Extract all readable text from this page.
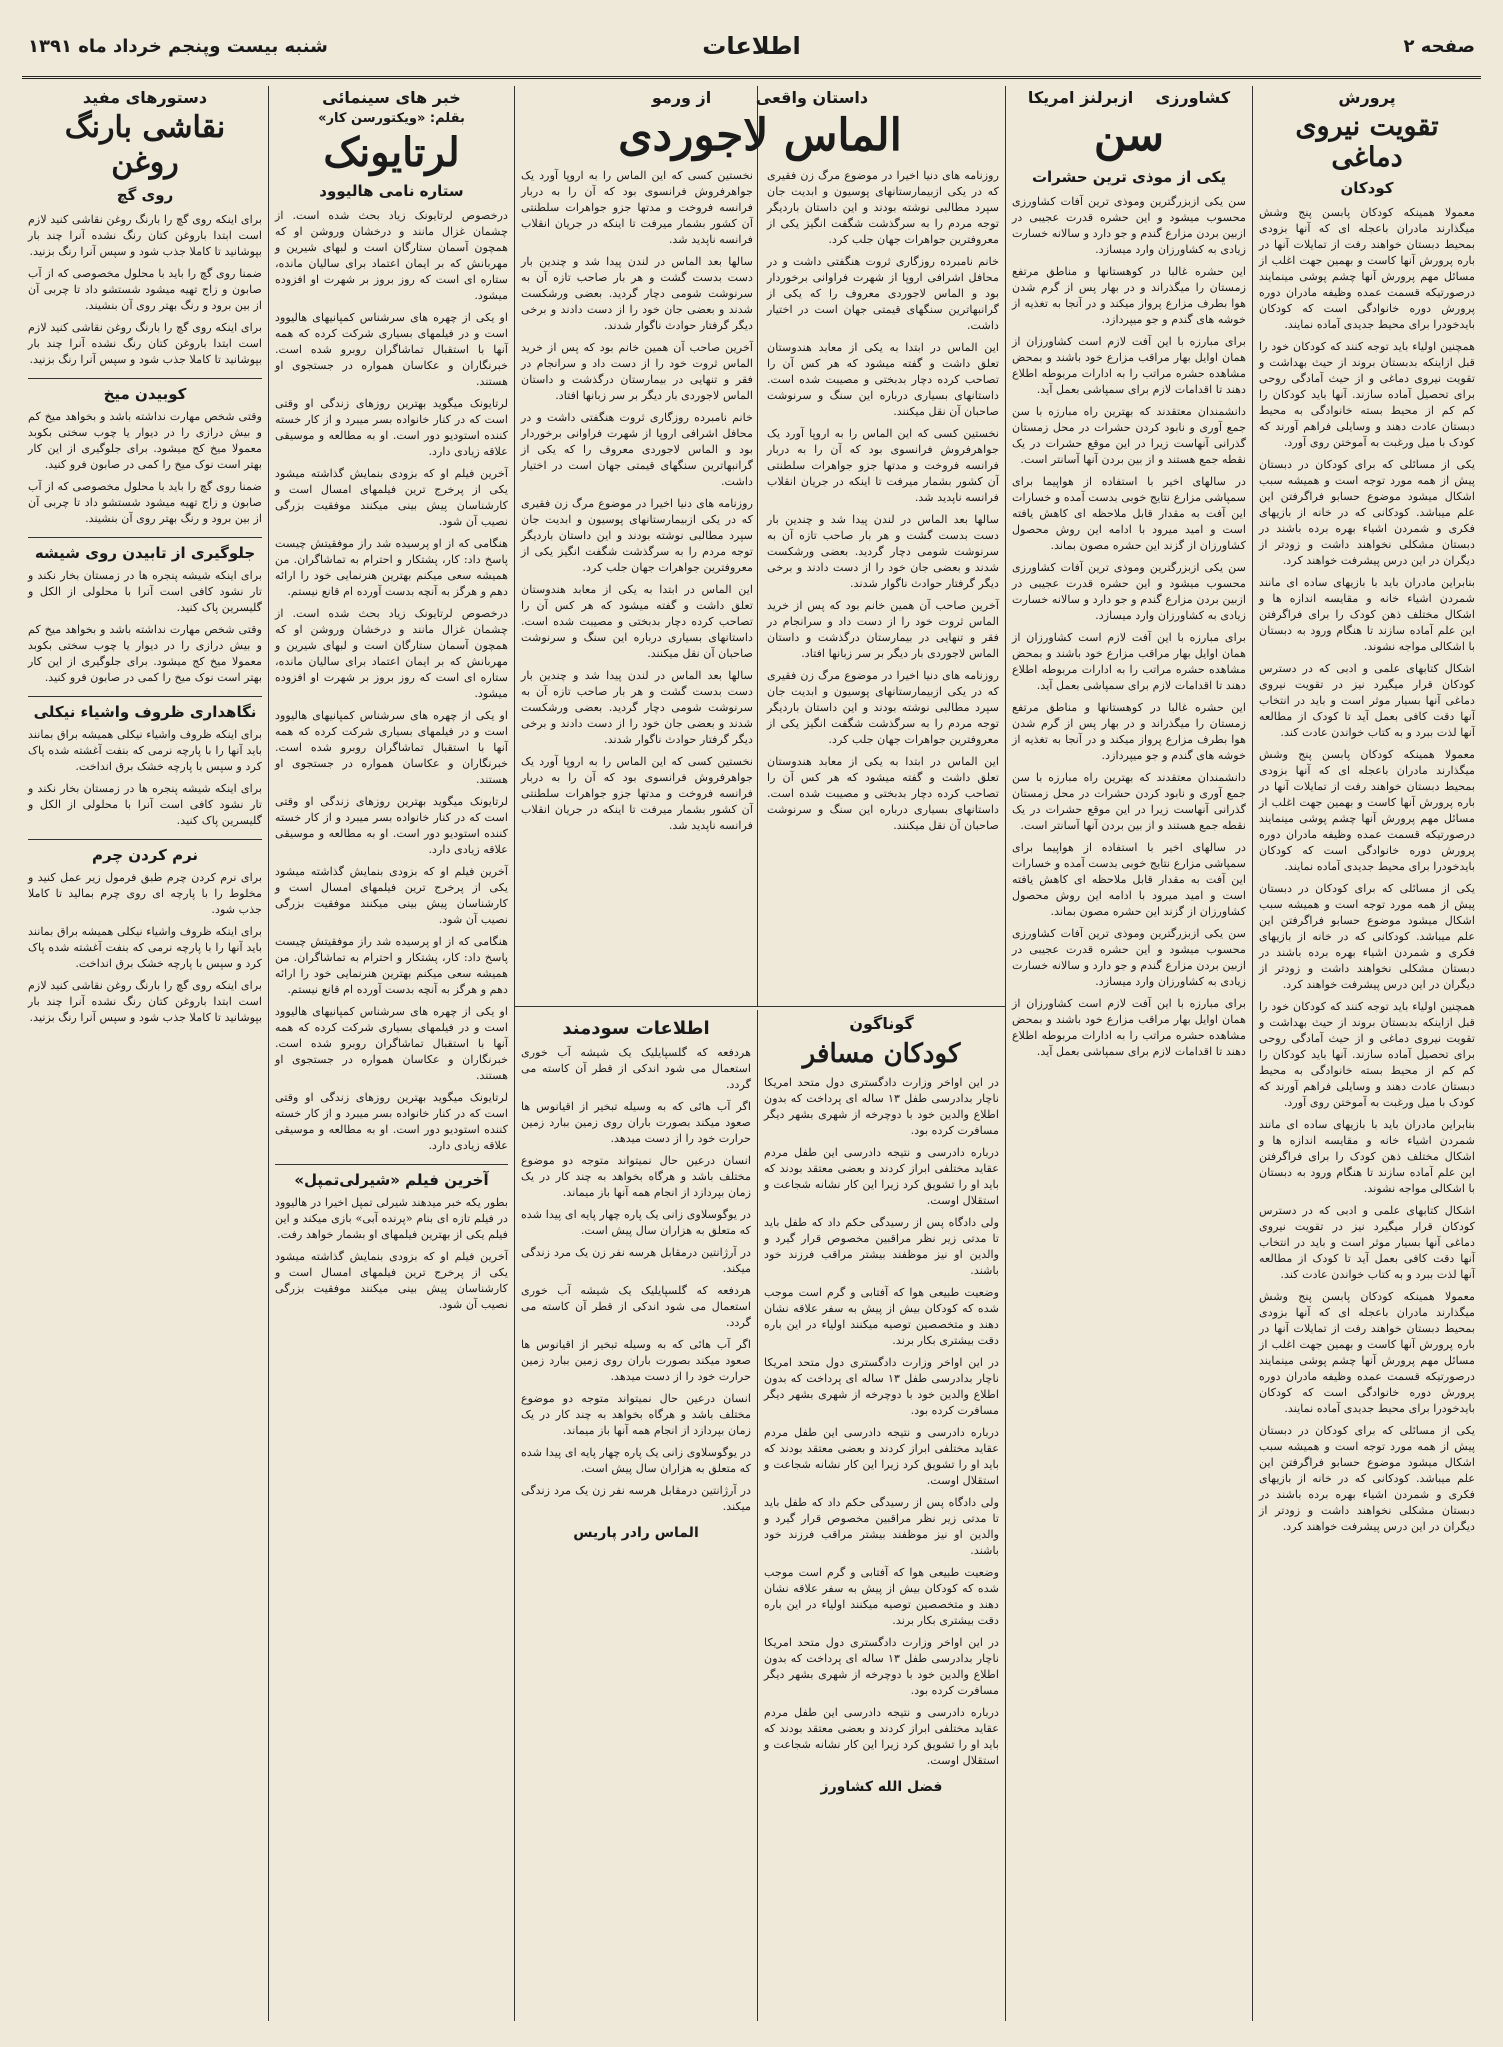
صفحه ۲
اطلاعات
شنبه بیست وپنجم خرداد ماه ۱۳۹۱
پرورش
تقویت نیروی دماغی
کودکان

معمولا همینکه کودکان پابسن پنج وشش میگذارند مادران باعجله ای که آنها بزودی بمحیط دبستان خواهند رفت از تمایلات آنها در باره پرورش آنها کاست و بهمین جهت اغلب از مسائل مهم پرورش آنها چشم پوشی مینمایند درصورتیکه قسمت عمده وظیفه مادران دوره پرورش دوره خانوادگی است که کودکان بایدخودرا برای محیط جدیدی آماده نمایند.

همچنین اولیاء باید توجه کنند که کودکان خود را قبل ازاینکه بدبستان بروند از حیث بهداشت و تقویت نیروی دماغی و از حیث آمادگی روحی برای تحصیل آماده سازند. آنها باید کودکان را کم کم از محیط بسته خانوادگی به محیط دبستان عادت دهند و وسایلی فراهم آورند که کودک با میل ورغبت به آموختن روی آورد.

یکی از مسائلی که برای کودکان در دبستان پیش از همه مورد توجه است و همیشه سبب اشکال میشود موضوع حسابو فراگرفتن این علم میباشد. کودکانی که در خانه از بازیهای فکری و شمردن اشیاء بهره برده باشند در دبستان مشکلی نخواهند داشت و زودتر از دیگران در این درس پیشرفت خواهند کرد.

بنابراین مادران باید با بازیهای ساده ای مانند شمردن اشیاء خانه و مقایسه اندازه ها و اشکال مختلف ذهن کودک را برای فراگرفتن این علم آماده سازند تا هنگام ورود به دبستان با اشکالی مواجه نشوند.

اشکال کتابهای علمی و ادبی که در دسترس کودکان قرار میگیرد نیز در تقویت نیروی دماغی آنها بسیار موثر است و باید در انتخاب آنها دقت کافی بعمل آید تا کودک از مطالعه آنها لذت ببرد و به کتاب خواندن عادت کند.

معمولا همینکه کودکان پابسن پنج وشش میگذارند مادران باعجله ای که آنها بزودی بمحیط دبستان خواهند رفت از تمایلات آنها در باره پرورش آنها کاست و بهمین جهت اغلب از مسائل مهم پرورش آنها چشم پوشی مینمایند درصورتیکه قسمت عمده وظیفه مادران دوره پرورش دوره خانوادگی است که کودکان بایدخودرا برای محیط جدیدی آماده نمایند.

یکی از مسائلی که برای کودکان در دبستان پیش از همه مورد توجه است و همیشه سبب اشکال میشود موضوع حسابو فراگرفتن این علم میباشد. کودکانی که در خانه از بازیهای فکری و شمردن اشیاء بهره برده باشند در دبستان مشکلی نخواهند داشت و زودتر از دیگران در این درس پیشرفت خواهند کرد.

همچنین اولیاء باید توجه کنند که کودکان خود را قبل ازاینکه بدبستان بروند از حیث بهداشت و تقویت نیروی دماغی و از حیث آمادگی روحی برای تحصیل آماده سازند. آنها باید کودکان را کم کم از محیط بسته خانوادگی به محیط دبستان عادت دهند و وسایلی فراهم آورند که کودک با میل ورغبت به آموختن روی آورد.

بنابراین مادران باید با بازیهای ساده ای مانند شمردن اشیاء خانه و مقایسه اندازه ها و اشکال مختلف ذهن کودک را برای فراگرفتن این علم آماده سازند تا هنگام ورود به دبستان با اشکالی مواجه نشوند.

اشکال کتابهای علمی و ادبی که در دسترس کودکان قرار میگیرد نیز در تقویت نیروی دماغی آنها بسیار موثر است و باید در انتخاب آنها دقت کافی بعمل آید تا کودک از مطالعه آنها لذت ببرد و به کتاب خواندن عادت کند.

معمولا همینکه کودکان پابسن پنج وشش میگذارند مادران باعجله ای که آنها بزودی بمحیط دبستان خواهند رفت از تمایلات آنها در باره پرورش آنها کاست و بهمین جهت اغلب از مسائل مهم پرورش آنها چشم پوشی مینمایند درصورتیکه قسمت عمده وظیفه مادران دوره پرورش دوره خانوادگی است که کودکان بایدخودرا برای محیط جدیدی آماده نمایند.

یکی از مسائلی که برای کودکان در دبستان پیش از همه مورد توجه است و همیشه سبب اشکال میشود موضوع حسابو فراگرفتن این علم میباشد. کودکانی که در خانه از بازیهای فکری و شمردن اشیاء بهره برده باشند در دبستان مشکلی نخواهند داشت و زودتر از دیگران در این درس پیشرفت خواهند کرد.

کشاورزی    ازبرلنز امریکا
سن
یکی از موذی ترین حشرات

سن یکی ازبزرگترین وموذی ترین آفات کشاورزی محسوب میشود و این حشره قدرت عجیبی در ازبین بردن مزارع گندم و جو دارد و سالانه خسارت زیادی به کشاورزان وارد میسازد.

این حشره غالبا در کوهستانها و مناطق مرتفع زمستان را میگذراند و در بهار پس از گرم شدن هوا بطرف مزارع پرواز میکند و در آنجا به تغذیه از خوشه های گندم و جو میپردازد.

برای مبارزه با این آفت لازم است کشاورزان از همان اوایل بهار مراقب مزارع خود باشند و بمحض مشاهده حشره مراتب را به ادارات مربوطه اطلاع دهند تا اقدامات لازم برای سمپاشی بعمل آید.

دانشمندان معتقدند که بهترین راه مبارزه با سن جمع آوری و نابود کردن حشرات در محل زمستان گذرانی آنهاست زیرا در این موقع حشرات در یک نقطه جمع هستند و از بین بردن آنها آسانتر است.

در سالهای اخیر با استفاده از هواپیما برای سمپاشی مزارع نتایج خوبی بدست آمده و خسارات این آفت به مقدار قابل ملاحظه ای کاهش یافته است و امید میرود با ادامه این روش محصول کشاورزان از گزند این حشره مصون بماند.

سن یکی ازبزرگترین وموذی ترین آفات کشاورزی محسوب میشود و این حشره قدرت عجیبی در ازبین بردن مزارع گندم و جو دارد و سالانه خسارت زیادی به کشاورزان وارد میسازد.

برای مبارزه با این آفت لازم است کشاورزان از همان اوایل بهار مراقب مزارع خود باشند و بمحض مشاهده حشره مراتب را به ادارات مربوطه اطلاع دهند تا اقدامات لازم برای سمپاشی بعمل آید.

این حشره غالبا در کوهستانها و مناطق مرتفع زمستان را میگذراند و در بهار پس از گرم شدن هوا بطرف مزارع پرواز میکند و در آنجا به تغذیه از خوشه های گندم و جو میپردازد.

دانشمندان معتقدند که بهترین راه مبارزه با سن جمع آوری و نابود کردن حشرات در محل زمستان گذرانی آنهاست زیرا در این موقع حشرات در یک نقطه جمع هستند و از بین بردن آنها آسانتر است.

در سالهای اخیر با استفاده از هواپیما برای سمپاشی مزارع نتایج خوبی بدست آمده و خسارات این آفت به مقدار قابل ملاحظه ای کاهش یافته است و امید میرود با ادامه این روش محصول کشاورزان از گزند این حشره مصون بماند.

سن یکی ازبزرگترین وموذی ترین آفات کشاورزی محسوب میشود و این حشره قدرت عجیبی در ازبین بردن مزارع گندم و جو دارد و سالانه خسارت زیادی به کشاورزان وارد میسازد.

برای مبارزه با این آفت لازم است کشاورزان از همان اوایل بهار مراقب مزارع خود باشند و بمحض مشاهده حشره مراتب را به ادارات مربوطه اطلاع دهند تا اقدامات لازم برای سمپاشی بعمل آید.

داستان واقعی        از ورمو
الماس لاجوردی

روزنامه های دنیا اخیرا در موضوع مرگ زن فقیری که در یکی ازبیمارستانهای پوسیون و ابدیت جان سپرد مطالبی نوشته بودند و این داستان باردیگر توجه مردم را به سرگذشت شگفت انگیز یکی از معروفترین جواهرات جهان جلب کرد.

خانم نامبرده روزگاری ثروت هنگفتی داشت و در محافل اشرافی اروپا از شهرت فراوانی برخوردار بود و الماس لاجوردی معروف را که یکی از گرانبهاترین سنگهای قیمتی جهان است در اختیار داشت.

این الماس در ابتدا به یکی از معابد هندوستان تعلق داشت و گفته میشود که هر کس آن را تصاحب کرده دچار بدبختی و مصیبت شده است. داستانهای بسیاری درباره این سنگ و سرنوشت صاحبان آن نقل میکنند.

نخستین کسی که این الماس را به اروپا آورد یک جواهرفروش فرانسوی بود که آن را به دربار فرانسه فروخت و مدتها جزو جواهرات سلطنتی آن کشور بشمار میرفت تا اینکه در جریان انقلاب فرانسه ناپدید شد.

سالها بعد الماس در لندن پیدا شد و چندین بار دست بدست گشت و هر بار صاحب تازه آن به سرنوشت شومی دچار گردید. بعضی ورشکست شدند و بعضی جان خود را از دست دادند و برخی دیگر گرفتار حوادث ناگوار شدند.

آخرین صاحب آن همین خانم بود که پس از خرید الماس ثروت خود را از دست داد و سرانجام در فقر و تنهایی در بیمارستان درگذشت و داستان الماس لاجوردی بار دیگر بر سر زبانها افتاد.

روزنامه های دنیا اخیرا در موضوع مرگ زن فقیری که در یکی ازبیمارستانهای پوسیون و ابدیت جان سپرد مطالبی نوشته بودند و این داستان باردیگر توجه مردم را به سرگذشت شگفت انگیز یکی از معروفترین جواهرات جهان جلب کرد.

این الماس در ابتدا به یکی از معابد هندوستان تعلق داشت و گفته میشود که هر کس آن را تصاحب کرده دچار بدبختی و مصیبت شده است. داستانهای بسیاری درباره این سنگ و سرنوشت صاحبان آن نقل میکنند.

نخستین کسی که این الماس را به اروپا آورد یک جواهرفروش فرانسوی بود که آن را به دربار فرانسه فروخت و مدتها جزو جواهرات سلطنتی آن کشور بشمار میرفت تا اینکه در جریان انقلاب فرانسه ناپدید شد.

سالها بعد الماس در لندن پیدا شد و چندین بار دست بدست گشت و هر بار صاحب تازه آن به سرنوشت شومی دچار گردید. بعضی ورشکست شدند و بعضی جان خود را از دست دادند و برخی دیگر گرفتار حوادث ناگوار شدند.

آخرین صاحب آن همین خانم بود که پس از خرید الماس ثروت خود را از دست داد و سرانجام در فقر و تنهایی در بیمارستان درگذشت و داستان الماس لاجوردی بار دیگر بر سر زبانها افتاد.

خانم نامبرده روزگاری ثروت هنگفتی داشت و در محافل اشرافی اروپا از شهرت فراوانی برخوردار بود و الماس لاجوردی معروف را که یکی از گرانبهاترین سنگهای قیمتی جهان است در اختیار داشت.

روزنامه های دنیا اخیرا در موضوع مرگ زن فقیری که در یکی ازبیمارستانهای پوسیون و ابدیت جان سپرد مطالبی نوشته بودند و این داستان باردیگر توجه مردم را به سرگذشت شگفت انگیز یکی از معروفترین جواهرات جهان جلب کرد.

این الماس در ابتدا به یکی از معابد هندوستان تعلق داشت و گفته میشود که هر کس آن را تصاحب کرده دچار بدبختی و مصیبت شده است. داستانهای بسیاری درباره این سنگ و سرنوشت صاحبان آن نقل میکنند.

سالها بعد الماس در لندن پیدا شد و چندین بار دست بدست گشت و هر بار صاحب تازه آن به سرنوشت شومی دچار گردید. بعضی ورشکست شدند و بعضی جان خود را از دست دادند و برخی دیگر گرفتار حوادث ناگوار شدند.

نخستین کسی که این الماس را به اروپا آورد یک جواهرفروش فرانسوی بود که آن را به دربار فرانسه فروخت و مدتها جزو جواهرات سلطنتی آن کشور بشمار میرفت تا اینکه در جریان انقلاب فرانسه ناپدید شد.

گوناگون
کودکان مسافر

در این اواخر وزارت دادگستری دول متحد امریکا ناچار بدادرسی طفل ۱۳ ساله ای پرداخت که بدون اطلاع والدین خود با دوچرخه از شهری بشهر دیگر مسافرت کرده بود.

درباره دادرسی و نتیجه دادرسی این طفل مردم عقاید مختلفی ابراز کردند و بعضی معتقد بودند که باید او را تشویق کرد زیرا این کار نشانه شجاعت و استقلال اوست.

ولی دادگاه پس از رسیدگی حکم داد که طفل باید تا مدتی زیر نظر مراقبین مخصوص قرار گیرد و والدین او نیز موظفند بیشتر مراقب فرزند خود باشند.

وضعیت طبیعی هوا که آفتابی و گرم است موجب شده که کودکان بیش از پیش به سفر علاقه نشان دهند و متخصصین توصیه میکنند اولیاء در این باره دقت بیشتری بکار برند.

در این اواخر وزارت دادگستری دول متحد امریکا ناچار بدادرسی طفل ۱۳ ساله ای پرداخت که بدون اطلاع والدین خود با دوچرخه از شهری بشهر دیگر مسافرت کرده بود.

درباره دادرسی و نتیجه دادرسی این طفل مردم عقاید مختلفی ابراز کردند و بعضی معتقد بودند که باید او را تشویق کرد زیرا این کار نشانه شجاعت و استقلال اوست.

ولی دادگاه پس از رسیدگی حکم داد که طفل باید تا مدتی زیر نظر مراقبین مخصوص قرار گیرد و والدین او نیز موظفند بیشتر مراقب فرزند خود باشند.

وضعیت طبیعی هوا که آفتابی و گرم است موجب شده که کودکان بیش از پیش به سفر علاقه نشان دهند و متخصصین توصیه میکنند اولیاء در این باره دقت بیشتری بکار برند.

در این اواخر وزارت دادگستری دول متحد امریکا ناچار بدادرسی طفل ۱۳ ساله ای پرداخت که بدون اطلاع والدین خود با دوچرخه از شهری بشهر دیگر مسافرت کرده بود.

درباره دادرسی و نتیجه دادرسی این طفل مردم عقاید مختلفی ابراز کردند و بعضی معتقد بودند که باید او را تشویق کرد زیرا این کار نشانه شجاعت و استقلال اوست.

فضل الله کشاورز
اطلاعات سودمند

هردفعه که گلسپایلیک یک شیشه آب خوری استعمال می شود اندکی از قطر آن کاسته می گردد.

اگر آب هائی که به وسیله تبخیر از اقیانوس ها صعود میکند بصورت باران روی زمین ببارد زمین حرارت خود را از دست میدهد.

انسان درعین حال نمیتواند متوجه دو موضوع مختلف باشد و هرگاه بخواهد به چند کار در یک زمان بپردازد از انجام همه آنها باز میماند.

در یوگوسلاوی زانی یک پاره چهار پایه ای پیدا شده که متعلق به هزاران سال پیش است.

در آرژانتین درمقابل هرسه نفر زن یک مرد زندگی میکند.

هردفعه که گلسپایلیک یک شیشه آب خوری استعمال می شود اندکی از قطر آن کاسته می گردد.

اگر آب هائی که به وسیله تبخیر از اقیانوس ها صعود میکند بصورت باران روی زمین ببارد زمین حرارت خود را از دست میدهد.

انسان درعین حال نمیتواند متوجه دو موضوع مختلف باشد و هرگاه بخواهد به چند کار در یک زمان بپردازد از انجام همه آنها باز میماند.

در یوگوسلاوی زانی یک پاره چهار پایه ای پیدا شده که متعلق به هزاران سال پیش است.

در آرژانتین درمقابل هرسه نفر زن یک مرد زندگی میکند.

الماس رادر پاریس
خبر های سینمائی
بقلم: «ویکتورسن کار»
لرتایونک
ستاره نامی هالیوود

درخصوص لرتایونک زیاد بحث شده است. از چشمان غزال مانند و درخشان وروشن او که همچون آسمان ستارگان است و لبهای شیرین و مهربانش که بر ایمان اعتماد برای سالیان مانده، ستاره ای است که روز بروز بر شهرت او افزوده میشود.

او یکی از چهره های سرشناس کمپانیهای هالیوود است و در فیلمهای بسیاری شرکت کرده که همه آنها با استقبال تماشاگران روبرو شده است. خبرنگاران و عکاسان همواره در جستجوی او هستند.

لرتایونک میگوید بهترین روزهای زندگی او وقتی است که در کنار خانواده بسر میبرد و از کار خسته کننده استودیو دور است. او به مطالعه و موسیقی علاقه زیادی دارد.

آخرین فیلم او که بزودی بنمایش گذاشته میشود یکی از پرخرج ترین فیلمهای امسال است و کارشناسان پیش بینی میکنند موفقیت بزرگی نصیب آن شود.

هنگامی که از او پرسیده شد راز موفقیتش چیست پاسخ داد: کار، پشتکار و احترام به تماشاگران. من همیشه سعی میکنم بهترین هنرنمایی خود را ارائه دهم و هرگز به آنچه بدست آورده ام قانع نیستم.

درخصوص لرتایونک زیاد بحث شده است. از چشمان غزال مانند و درخشان وروشن او که همچون آسمان ستارگان است و لبهای شیرین و مهربانش که بر ایمان اعتماد برای سالیان مانده، ستاره ای است که روز بروز بر شهرت او افزوده میشود.

او یکی از چهره های سرشناس کمپانیهای هالیوود است و در فیلمهای بسیاری شرکت کرده که همه آنها با استقبال تماشاگران روبرو شده است. خبرنگاران و عکاسان همواره در جستجوی او هستند.

لرتایونک میگوید بهترین روزهای زندگی او وقتی است که در کنار خانواده بسر میبرد و از کار خسته کننده استودیو دور است. او به مطالعه و موسیقی علاقه زیادی دارد.

آخرین فیلم او که بزودی بنمایش گذاشته میشود یکی از پرخرج ترین فیلمهای امسال است و کارشناسان پیش بینی میکنند موفقیت بزرگی نصیب آن شود.

هنگامی که از او پرسیده شد راز موفقیتش چیست پاسخ داد: کار، پشتکار و احترام به تماشاگران. من همیشه سعی میکنم بهترین هنرنمایی خود را ارائه دهم و هرگز به آنچه بدست آورده ام قانع نیستم.

او یکی از چهره های سرشناس کمپانیهای هالیوود است و در فیلمهای بسیاری شرکت کرده که همه آنها با استقبال تماشاگران روبرو شده است. خبرنگاران و عکاسان همواره در جستجوی او هستند.

لرتایونک میگوید بهترین روزهای زندگی او وقتی است که در کنار خانواده بسر میبرد و از کار خسته کننده استودیو دور است. او به مطالعه و موسیقی علاقه زیادی دارد.

آخرین فیلم «شیرلی‌تمپل»

بطور یکه خبر میدهند شیرلی تمپل اخیرا در هالیوود در فیلم تازه ای بنام «پرنده آبی» بازی میکند و این فیلم یکی از بهترین فیلمهای او بشمار خواهد رفت.

آخرین فیلم او که بزودی بنمایش گذاشته میشود یکی از پرخرج ترین فیلمهای امسال است و کارشناسان پیش بینی میکنند موفقیت بزرگی نصیب آن شود.

دستورهای مفید
نقاشی بارنگ روغن
روی گچ

برای اینکه روی گچ را بارنگ روغن نقاشی کنید لازم است ابتدا باروغن کتان رنگ نشده آنرا چند بار بپوشانید تا کاملا جذب شود و سپس آنرا رنگ بزنید.

ضمنا روی گچ را باید با محلول مخصوصی که از آب صابون و زاج تهیه میشود شستشو داد تا چربی آن از بین برود و رنگ بهتر روی آن بنشیند.

برای اینکه روی گچ را بارنگ روغن نقاشی کنید لازم است ابتدا باروغن کتان رنگ نشده آنرا چند بار بپوشانید تا کاملا جذب شود و سپس آنرا رنگ بزنید.

کوبیدن میخ

وقتی شخص مهارت نداشته باشد و بخواهد میخ کم و بیش درازی را در دیوار یا چوب سختی بکوبد معمولا میخ کج میشود. برای جلوگیری از این کار بهتر است نوک میخ را کمی در صابون فرو کنید.

ضمنا روی گچ را باید با محلول مخصوصی که از آب صابون و زاج تهیه میشود شستشو داد تا چربی آن از بین برود و رنگ بهتر روی آن بنشیند.

جلوگیری از تابیدن روی شیشه

برای اینکه شیشه پنجره ها در زمستان بخار نکند و تار نشود کافی است آنرا با محلولی از الکل و گلیسرین پاک کنید.

وقتی شخص مهارت نداشته باشد و بخواهد میخ کم و بیش درازی را در دیوار یا چوب سختی بکوبد معمولا میخ کج میشود. برای جلوگیری از این کار بهتر است نوک میخ را کمی در صابون فرو کنید.

نگاهداری ظروف واشیاء نیکلی

برای اینکه ظروف واشیاء نیکلی همیشه براق بمانند باید آنها را با پارچه نرمی که بنفت آغشته شده پاک کرد و سپس با پارچه خشک برق انداخت.

برای اینکه شیشه پنجره ها در زمستان بخار نکند و تار نشود کافی است آنرا با محلولی از الکل و گلیسرین پاک کنید.

نرم کردن چرم

برای نرم کردن چرم طبق فرمول زیر عمل کنید و مخلوط را با پارچه ای روی چرم بمالید تا کاملا جذب شود.

برای اینکه ظروف واشیاء نیکلی همیشه براق بمانند باید آنها را با پارچه نرمی که بنفت آغشته شده پاک کرد و سپس با پارچه خشک برق انداخت.

برای اینکه روی گچ را بارنگ روغن نقاشی کنید لازم است ابتدا باروغن کتان رنگ نشده آنرا چند بار بپوشانید تا کاملا جذب شود و سپس آنرا رنگ بزنید.
